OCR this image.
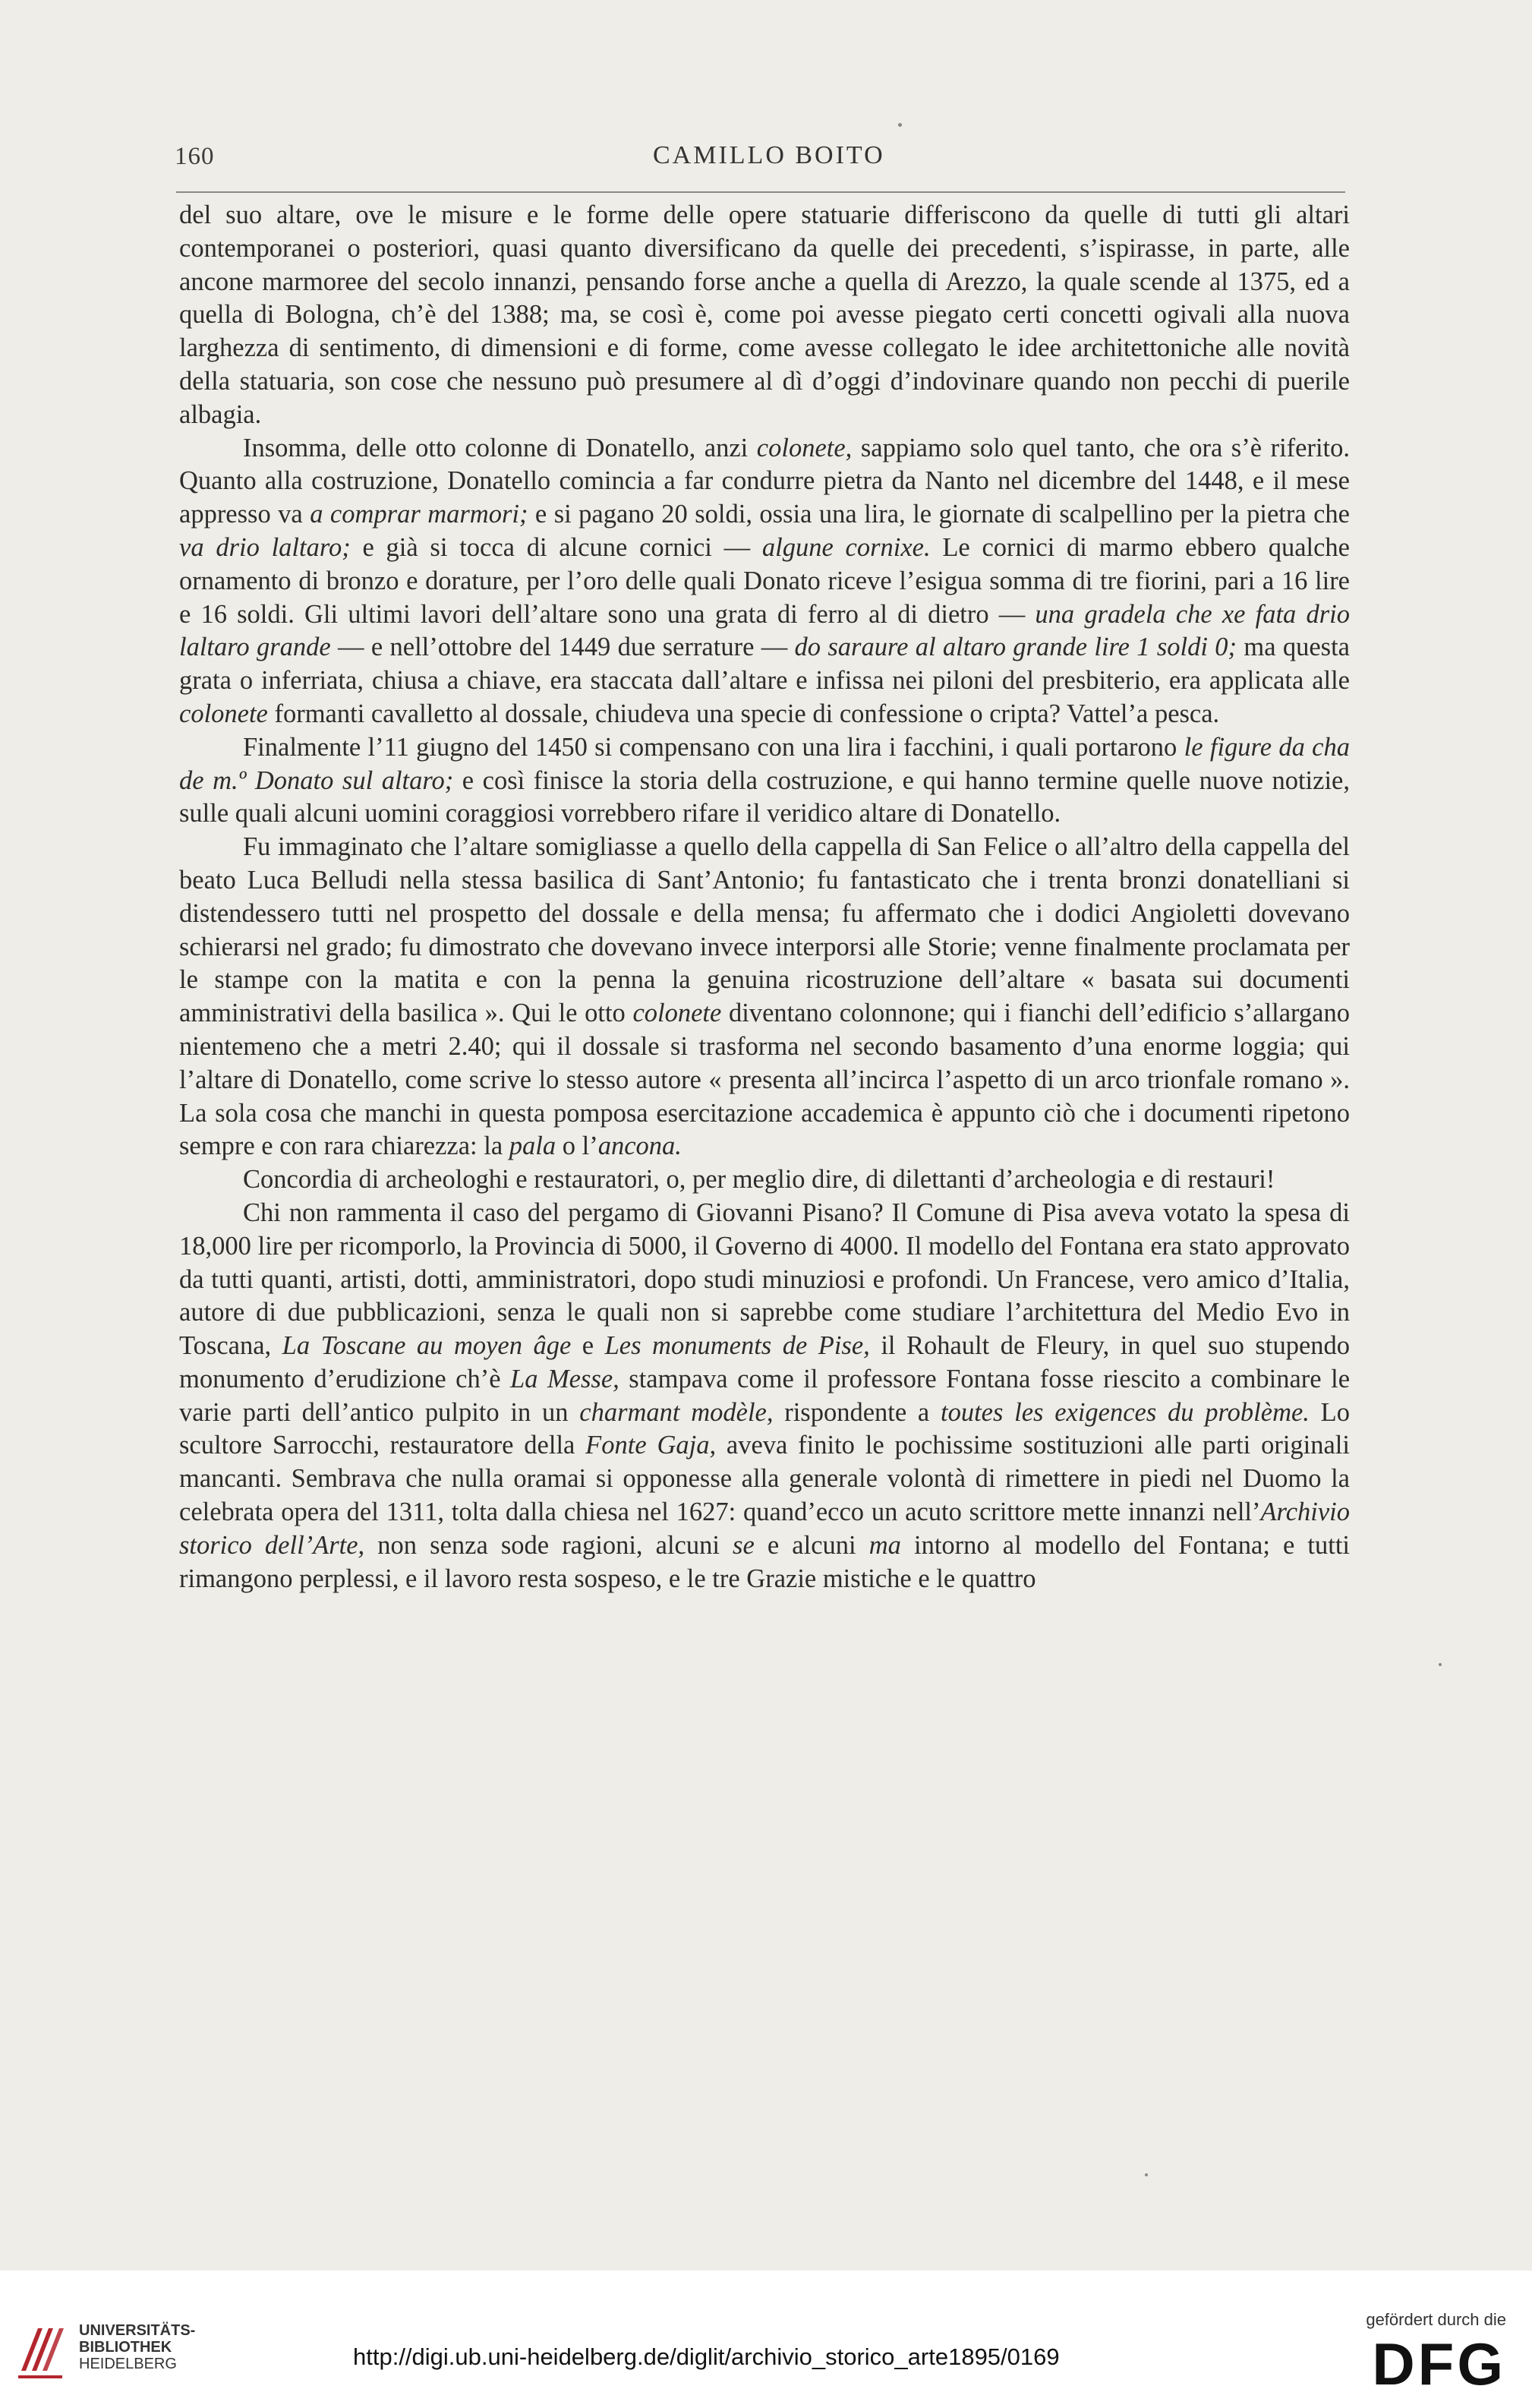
160	CAMILLO BOITO

del suo altare, ove le misure e le forme delle opere statuarie differiscono da quelle di tutti gli altari contemporanei o posteriori, quasi quanto diversificano da quelle dei precedenti, s’ispirasse, in parte, alle ancone marmoree del secolo innanzi, pensando forse anche a quella di Arezzo, la quale scende al 1375, ed a quella di Bologna, ch’è del 1388; ma, se così è, come poi avesse piegato certi concetti ogivali alla nuova larghezza di sentimento, di dimensioni e di forme, come avesse collegato le idee architettoniche alle novità della statuaria, son cose che nessuno può presumere al dì d’oggi d’indovinare quando non pecchi di puerile albagia.

Insomma, delle otto colonne di Donatello, anzi colonete, sappiamo solo quel tanto, che ora s’è riferito. Quanto alla costruzione, Donatello comincia a far condurre pietra da Nanto nel dicembre del 1448, e il mese appresso va a comprar marmori; e si pagano 20 soldi, ossia una lira, le giornate di scalpellino per la pietra che va drio laltaro; e già si tocca di alcune cornici — algune cornixe. Le cornici di marmo ebbero qualche ornamento di bronzo e dorature, per l’oro delle quali Donato riceve l’esigua somma di tre fiorini, pari a 16 lire e 16 soldi. Gli ultimi lavori dell’altare sono una grata di ferro al di dietro — una gradela che xe fata drio laltaro grande — e nell’ottobre del 1449 due serrature — do saraure al altaro grande lire 1 soldi 0; ma questa grata o inferriata, chiusa a chiave, era staccata dall’altare e infissa nei piloni del presbiterio, era applicata alle colonete formanti cavalletto al dossale, chiudeva una specie di confessione o cripta? Vattel’a pesca.

Finalmente l’11 giugno del 1450 si compensano con una lira i facchini, i quali portarono le figure da cha de m.º Donato sul altaro; e così finisce la storia della costruzione, e qui hanno termine quelle nuove notizie, sulle quali alcuni uomini coraggiosi vorrebbero rifare il veridico altare di Donatello.

Fu immaginato che l’altare somigliasse a quello della cappella di San Felice o all’altro della cappella del beato Luca Belludi nella stessa basilica di Sant’Antonio; fu fantasticato che i trenta bronzi donatelliani si distendessero tutti nel prospetto del dossale e della mensa; fu affermato che i dodici Angioletti dovevano schierarsi nel grado; fu dimostrato che dovevano invece interporsi alle Storie; venne finalmente proclamata per le stampe con la matita e con la penna la genuina ricostruzione dell’altare « basata sui documenti amministrativi della basilica ». Qui le otto colonete diventano colonnone; qui i fianchi dell’edificio s’allargano nientemeno che a metri 2.40; qui il dossale si trasforma nel secondo basamento d’una enorme loggia; qui l’altare di Donatello, come scrive lo stesso autore « presenta all’incirca l’aspetto di un arco trionfale romano ». La sola cosa che manchi in questa pomposa esercitazione accademica è appunto ciò che i documenti ripetono sempre e con rara chiarezza: la pala o l’ancona.

Concordia di archeologhi e restauratori, o, per meglio dire, di dilettanti d’archeologia e di restauri!

Chi non rammenta il caso del pergamo di Giovanni Pisano? Il Comune di Pisa aveva votato la spesa di 18,000 lire per ricomporlo, la Provincia di 5000, il Governo di 4000. Il modello del Fontana era stato approvato da tutti quanti, artisti, dotti, amministratori, dopo studi minuziosi e profondi. Un Francese, vero amico d’Italia, autore di due pubblicazioni, senza le quali non si saprebbe come studiare l’architettura del Medio Evo in Toscana, La Toscane au moyen âge e Les monuments de Pise, il Rohault de Fleury, in quel suo stupendo monumento d’erudizione ch’è La Messe, stampava come il professore Fontana fosse riescito a combinare le varie parti dell’antico pulpito in un charmant modèle, rispondente a toutes les exigences du problème. Lo scultore Sarrocchi, restauratore della Fonte Gaja, aveva finito le pochissime sostituzioni alle parti originali mancanti. Sembrava che nulla oramai si opponesse alla generale volontà di rimettere in piedi nel Duomo la celebrata opera del 1311, tolta dalla chiesa nel 1627: quand’ecco un acuto scrittore mette innanzi nell’Archivio storico dell’Arte, non senza sode ragioni, alcuni se e alcuni ma intorno al modello del Fontana; e tutti rimangono perplessi, e il lavoro resta sospeso, e le tre Grazie mistiche e le quattro

UNIVERSITÄTS-
BIBLIOTHEK
HEIDELBERG	http://digi.ub.uni-heidelberg.de/diglit/archivio_storico_arte1895/0169
gefördert durch die
DFG
